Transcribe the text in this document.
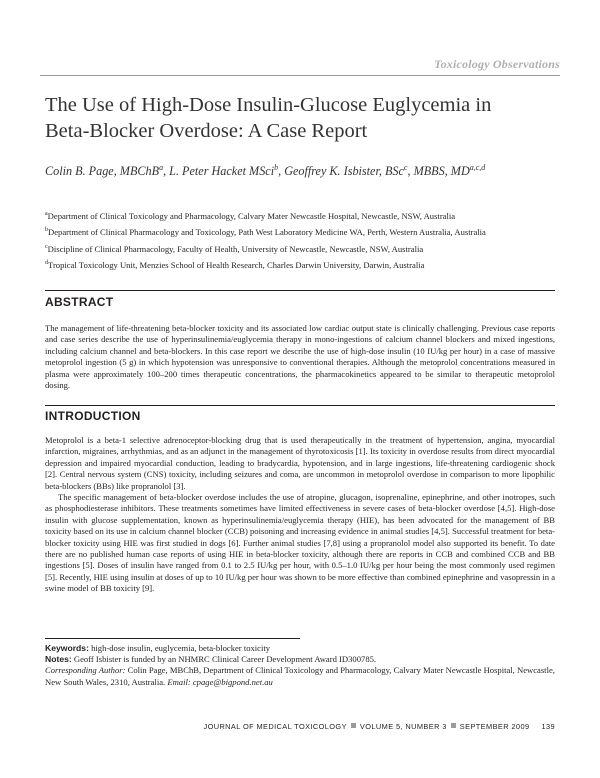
Toxicology Observations
The Use of High-Dose Insulin-Glucose Euglycemia in
Beta-Blocker Overdose: A Case Report
Colin B. Page, MBChB$^a$, L. Peter Hacket MSci$^b$, Geoffrey K. Isbister, BSc$^c$, MBBS, MD$^{a,c,d}$
$^a$Department of Clinical Toxicology and Pharmacology, Calvary Mater Newcastle Hospital, Newcastle, NSW, Australia
$^b$Department of Clinical Pharmacology and Toxicology, Path West Laboratory Medicine WA, Perth, Western Australia, Australia
$^c$Discipline of Clinical Pharmacology, Faculty of Health, University of Newcastle, Newcastle, NSW, Australia
$^d$Tropical Toxicology Unit, Menzies School of Health Research, Charles Darwin University, Darwin, Australia
ABSTRACT

The management of life-threatening beta-blocker toxicity and its associated low cardiac output state is clinically challenging. Previous case reports and case series describe the use of hyperinsulinemia/euglycemia therapy in mono-ingestions of calcium channel blockers and mixed ingestions, including calcium channel and beta-blockers. In this case report we describe the use of high-dose insulin (10 IU/kg per hour) in a case of massive metoprolol ingestion (5 g) in which hypotension was unresponsive to conventional therapies. Although the metoprolol concentrations measured in plasma were approximately 100–200 times therapeutic concentrations, the pharmacokinetics appeared to be similar to therapeutic metoprolol dosing.

INTRODUCTION

Metoprolol is a beta-1 selective adrenoceptor-blocking drug that is used therapeutically in the treatment of hypertension, angina, myocardial infarction, migraines, arrhythmias, and as an adjunct in the management of thyrotoxicosis [1]. Its toxicity in overdose results from direct myocardial depression and impaired myocardial conduction, leading to bradycardia, hypotension, and in large ingestions, life-threatening cardiogenic shock [2]. Central nervous system (CNS) toxicity, including seizures and coma, are uncommon in metoprolol overdose in comparison to more lipophilic beta-blockers (BBs) like propranolol [3].

The specific management of beta-blocker overdose includes the use of atropine, glucagon, isoprenaline, epinephrine, and other inotropes, such as phosphodiesterase inhibitors. These treatments sometimes have limited effectiveness in severe cases of beta-blocker overdose [4,5]. High-dose insulin with glucose supplementation, known as hyperinsulinemia/euglycemia therapy (HIE), has been advocated for the management of BB toxicity based on its use in calcium channel blocker (CCB) poisoning and increasing evidence in animal studies [4,5]. Successful treatment for beta-blocker toxicity using HIE was first studied in dogs [6]. Further animal studies [7,8] using a propranolol model also supported its benefit. To date there are no published human case reports of using HIE in beta-blocker toxicity, although there are reports in CCB and combined CCB and BB ingestions [5]. Doses of insulin have ranged from 0.1 to 2.5 IU/kg per hour, with 0.5–1.0 IU/kg per hour being the most commonly used regimen [5]. Recently, HIE using insulin at doses of up to 10 IU/kg per hour was shown to be more effective than combined epinephrine and vasopressin in a swine model of BB toxicity [9].

Keywords: high-dose insulin, euglycemia, beta-blocker toxicity
Notes: Geoff Isbister is funded by an NHMRC Clinical Career Development Award ID300785.
Corresponding Author: Colin Page, MBChB, Department of Clinical Toxicology and Pharmacology, Calvary Mater Newcastle Hospital, Newcastle, New South Wales, 2310, Australia. Email: cpage@bigpond.net.au
JOURNAL OF MEDICAL TOXICOLOGY VOLUME 5, NUMBER 3 SEPTEMBER 2009 139
